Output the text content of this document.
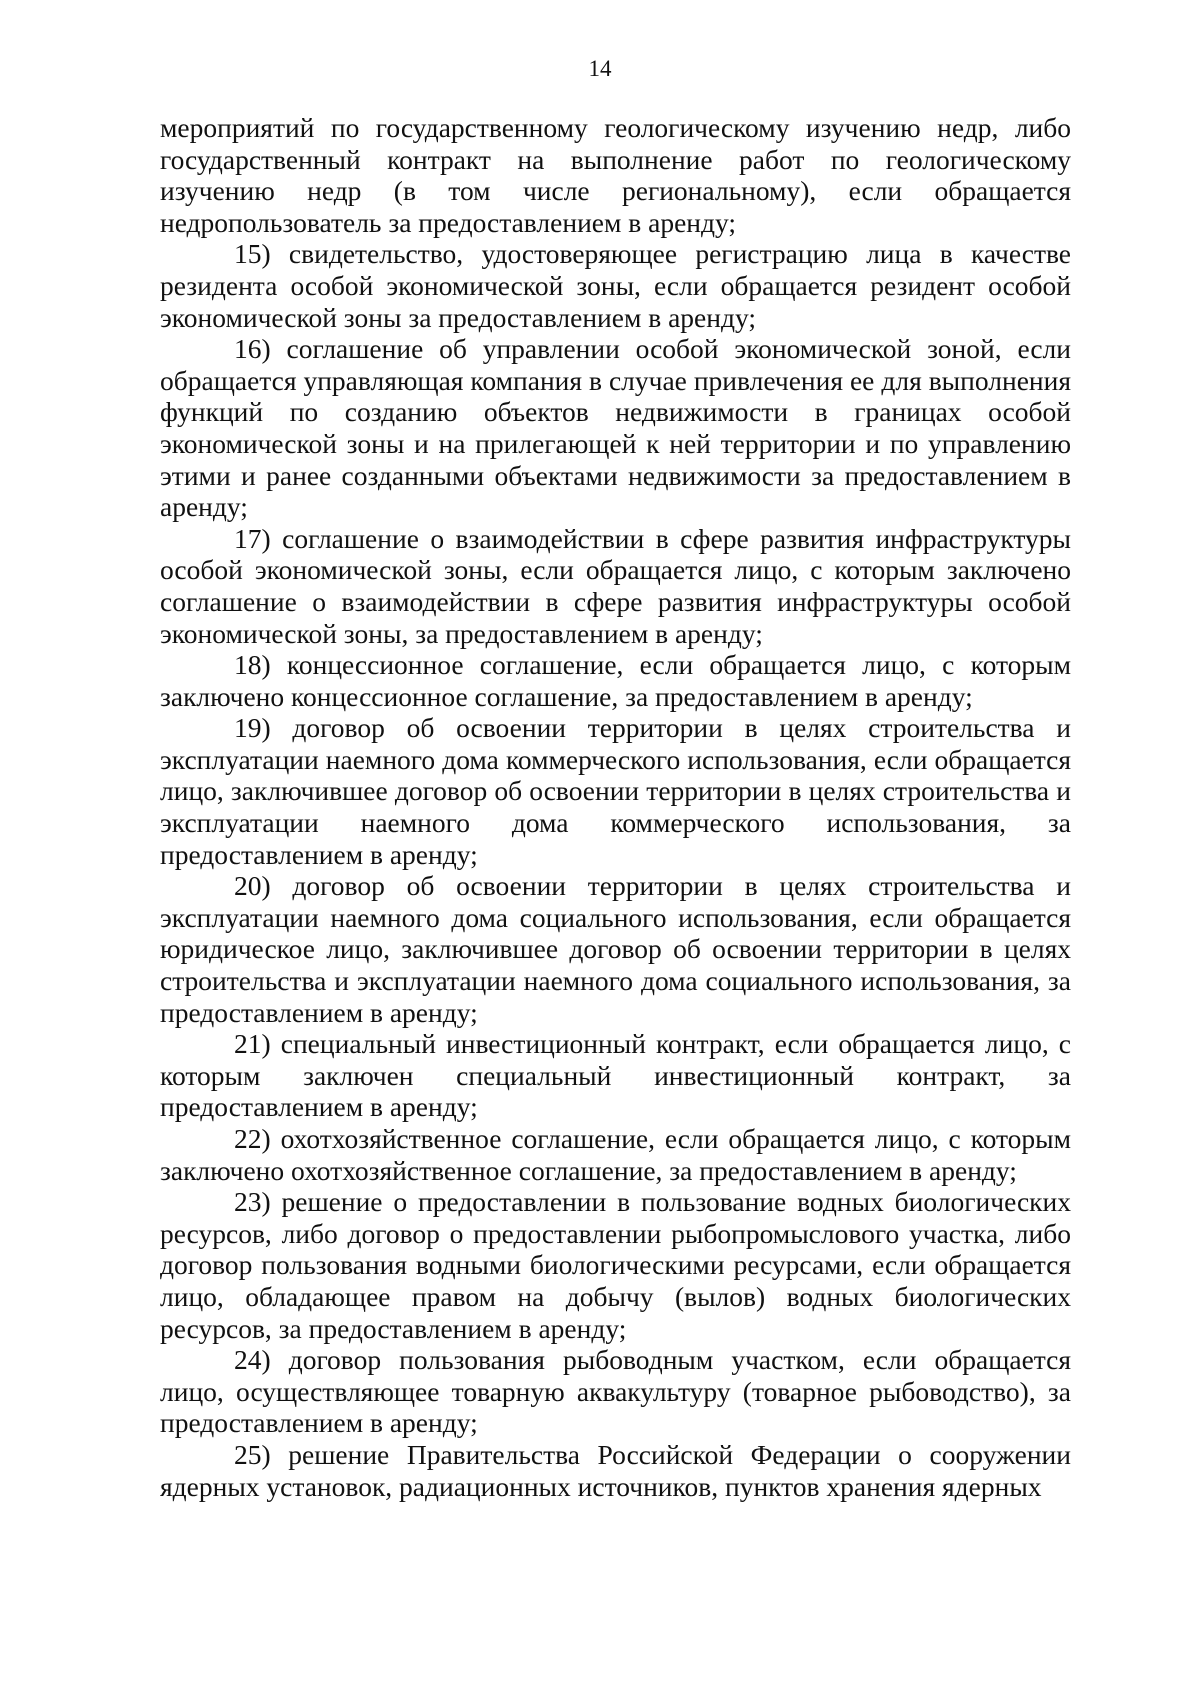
14

мероприятий по государственному геологическому изучению недр, либо государственный контракт на выполнение работ по геологическому изучению недр (в том числе региональному), если обращается недропользователь за предоставлением в аренду;

15) свидетельство, удостоверяющее регистрацию лица в качестве резидента особой экономической зоны, если обращается резидент особой экономической зоны за предоставлением в аренду;

16) соглашение об управлении особой экономической зоной, если обращается управляющая компания в случае привлечения ее для выполнения функций по созданию объектов недвижимости в границах особой экономической зоны и на прилегающей к ней территории и по управлению этими и ранее созданными объектами недвижимости за предоставлением в аренду;

17) соглашение о взаимодействии в сфере развития инфраструктуры особой экономической зоны, если обращается лицо, с которым заключено соглашение о взаимодействии в сфере развития инфраструктуры особой экономической зоны, за предоставлением в аренду;

18) концессионное соглашение, если обращается лицо, с которым заключено концессионное соглашение, за предоставлением в аренду;

19) договор об освоении территории в целях строительства и эксплуатации наемного дома коммерческого использования, если обращается лицо, заключившее договор об освоении территории в целях строительства и эксплуатации наемного дома коммерческого использования, за предоставлением в аренду;

20) договор об освоении территории в целях строительства и эксплуатации наемного дома социального использования, если обращается юридическое лицо, заключившее договор об освоении территории в целях строительства и эксплуатации наемного дома социального использования, за предоставлением в аренду;

21) специальный инвестиционный контракт, если обращается лицо, с которым заключен специальный инвестиционный контракт, за предоставлением в аренду;

22) охотхозяйственное соглашение, если обращается лицо, с которым заключено охотхозяйственное соглашение, за предоставлением в аренду;

23) решение о предоставлении в пользование водных биологических ресурсов, либо договор о предоставлении рыбопромыслового участка, либо договор пользования водными биологическими ресурсами, если обращается лицо, обладающее правом на добычу (вылов) водных биологических ресурсов, за предоставлением в аренду;

24) договор пользования рыбоводным участком, если обращается лицо, осуществляющее товарную аквакультуру (товарное рыбоводство), за предоставлением в аренду;

25) решение Правительства Российской Федерации о сооружении ядерных установок, радиационных источников, пунктов хранения ядерных
